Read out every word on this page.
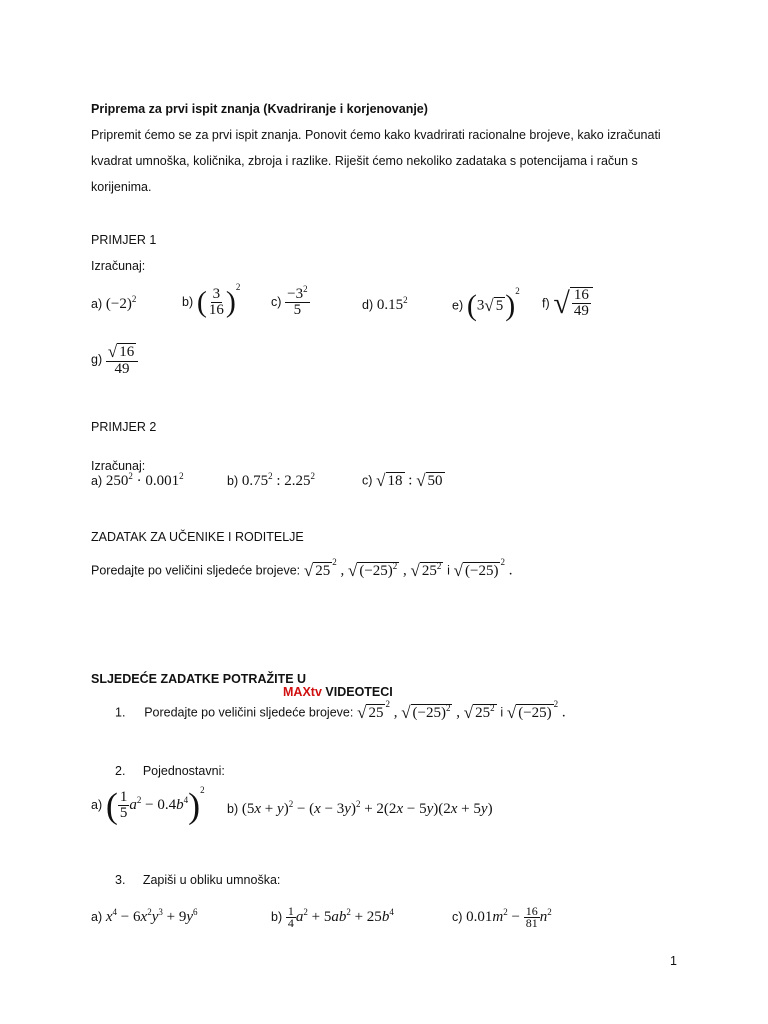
Priprema za prvi ispit znanja (Kvadriranje i korjenovanje)
Pripremit ćemo se za prvi ispit znanja. Ponovit ćemo kako kvadrirati racionalne brojeve, kako izračunati
kvadrat umnoška, količnika, zbroja i razlike. Riješit ćemo nekoliko zadataka s potencijama i račun s
korijenima.
PRIMJER 1
Izračunaj:
a) $(-2)^2$	b) ( $\frac{3}{16} )^2$
$c) \frac{-3^2}{5}$	d) 0.15$^2$	e) (3 √ 5 )$^2$
f) √ $\frac{16}{49}$
$g) \frac{√ 16}{49}$
PRIMJER 2
Izračunaj:
a) $250^2 \cdot 0.001^2$	b) 0.75$^2$ : 2.25$^2$	c) √ 18 : √ 50
ZADATAK ZA UČENIKE I RODITELJE
Poredajte po veličini sljedeće brojeve: √ 25
$^2$ , √ $(-25)^2$ , √ $25^2$ i √ (−25)
$^2$ .
SLJEDEĆE ZADATKE POTRAŽITE U
MAXtv VIDEOTECI
1. Poredajte po veličini sljedeće brojeve: √ 25
$^2$ , √ $(-25)^2$ , √ $25^2$ i √ (−25)
$^2$ .
2. Pojednostavni:
a) ( $\frac{1}{5} a^2 - 0.4b^4)^2$
b) $(5x + y)^2 - (x - 3y)^2 + 2(2x - 5y)(2x + 5y)$
3. Zapiši u obliku umnoška:
a) $x^4 - 6x^2y^3 + 9y^6$	$b) \frac{1}{4} a^2 + 5ab^2 + 25b^4$	c) $0.01m^2 - \frac{16}{81} n^2$
1
